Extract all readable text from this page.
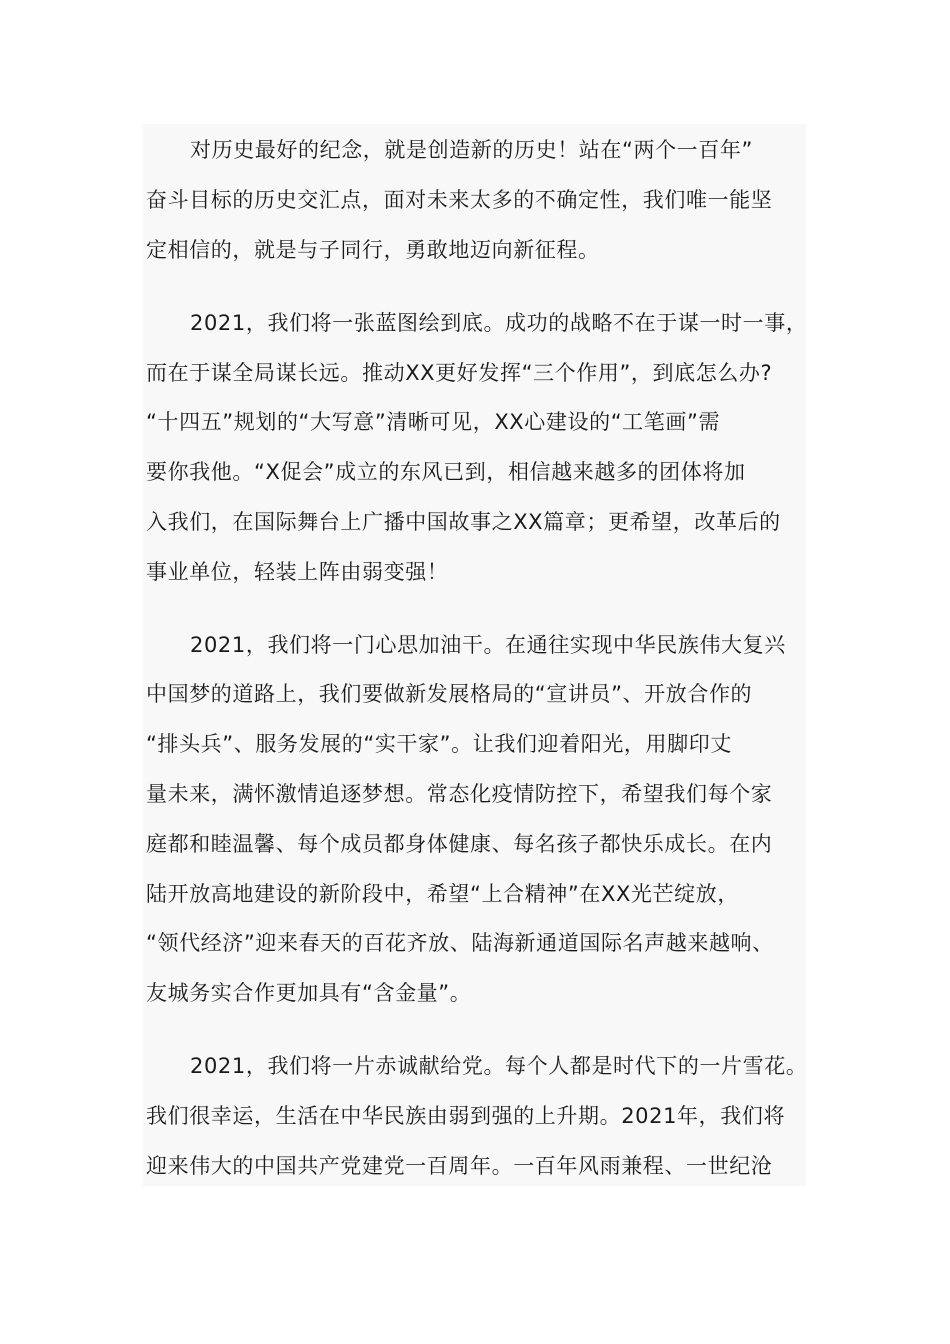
对历史最好的纪念，就是创造新的历史！站在“两个一百年”
奋斗目标的历史交汇点，面对未来太多的不确定性，我们唯一能坚
定相信的，就是与子同行，勇敢地迈向新征程。
2021，我们将一张蓝图绘到底。成功的战略不在于谋一时一事，
而在于谋全局谋长远。推动XX更好发挥“三个作用”，到底怎么办?
“十四五”规划的“大写意”清晰可见，XX心建设的“工笔画”需
要你我他。“X促会”成立的东风已到，相信越来越多的团体将加
入我们，在国际舞台上广播中国故事之XX篇章；更希望，改革后的
事业单位，轻装上阵由弱变强！
2021，我们将一门心思加油干。在通往实现中华民族伟大复兴
中国梦的道路上，我们要做新发展格局的“宣讲员”、开放合作的
“排头兵”、服务发展的“实干家”。让我们迎着阳光，用脚印丈
量未来，满怀激情追逐梦想。常态化疫情防控下，希望我们每个家
庭都和睦温馨、每个成员都身体健康、每名孩子都快乐成长。在内
陆开放高地建设的新阶段中，希望“上合精神”在XX光芒绽放，
“领代经济”迎来春天的百花齐放、陆海新通道国际名声越来越响、
友城务实合作更加具有“含金量”。
2021，我们将一片赤诚献给党。每个人都是时代下的一片雪花。
我们很幸运，生活在中华民族由弱到强的上升期。2021年，我们将
迎来伟大的中国共产党建党一百周年。一百年风雨兼程、一世纪沧
